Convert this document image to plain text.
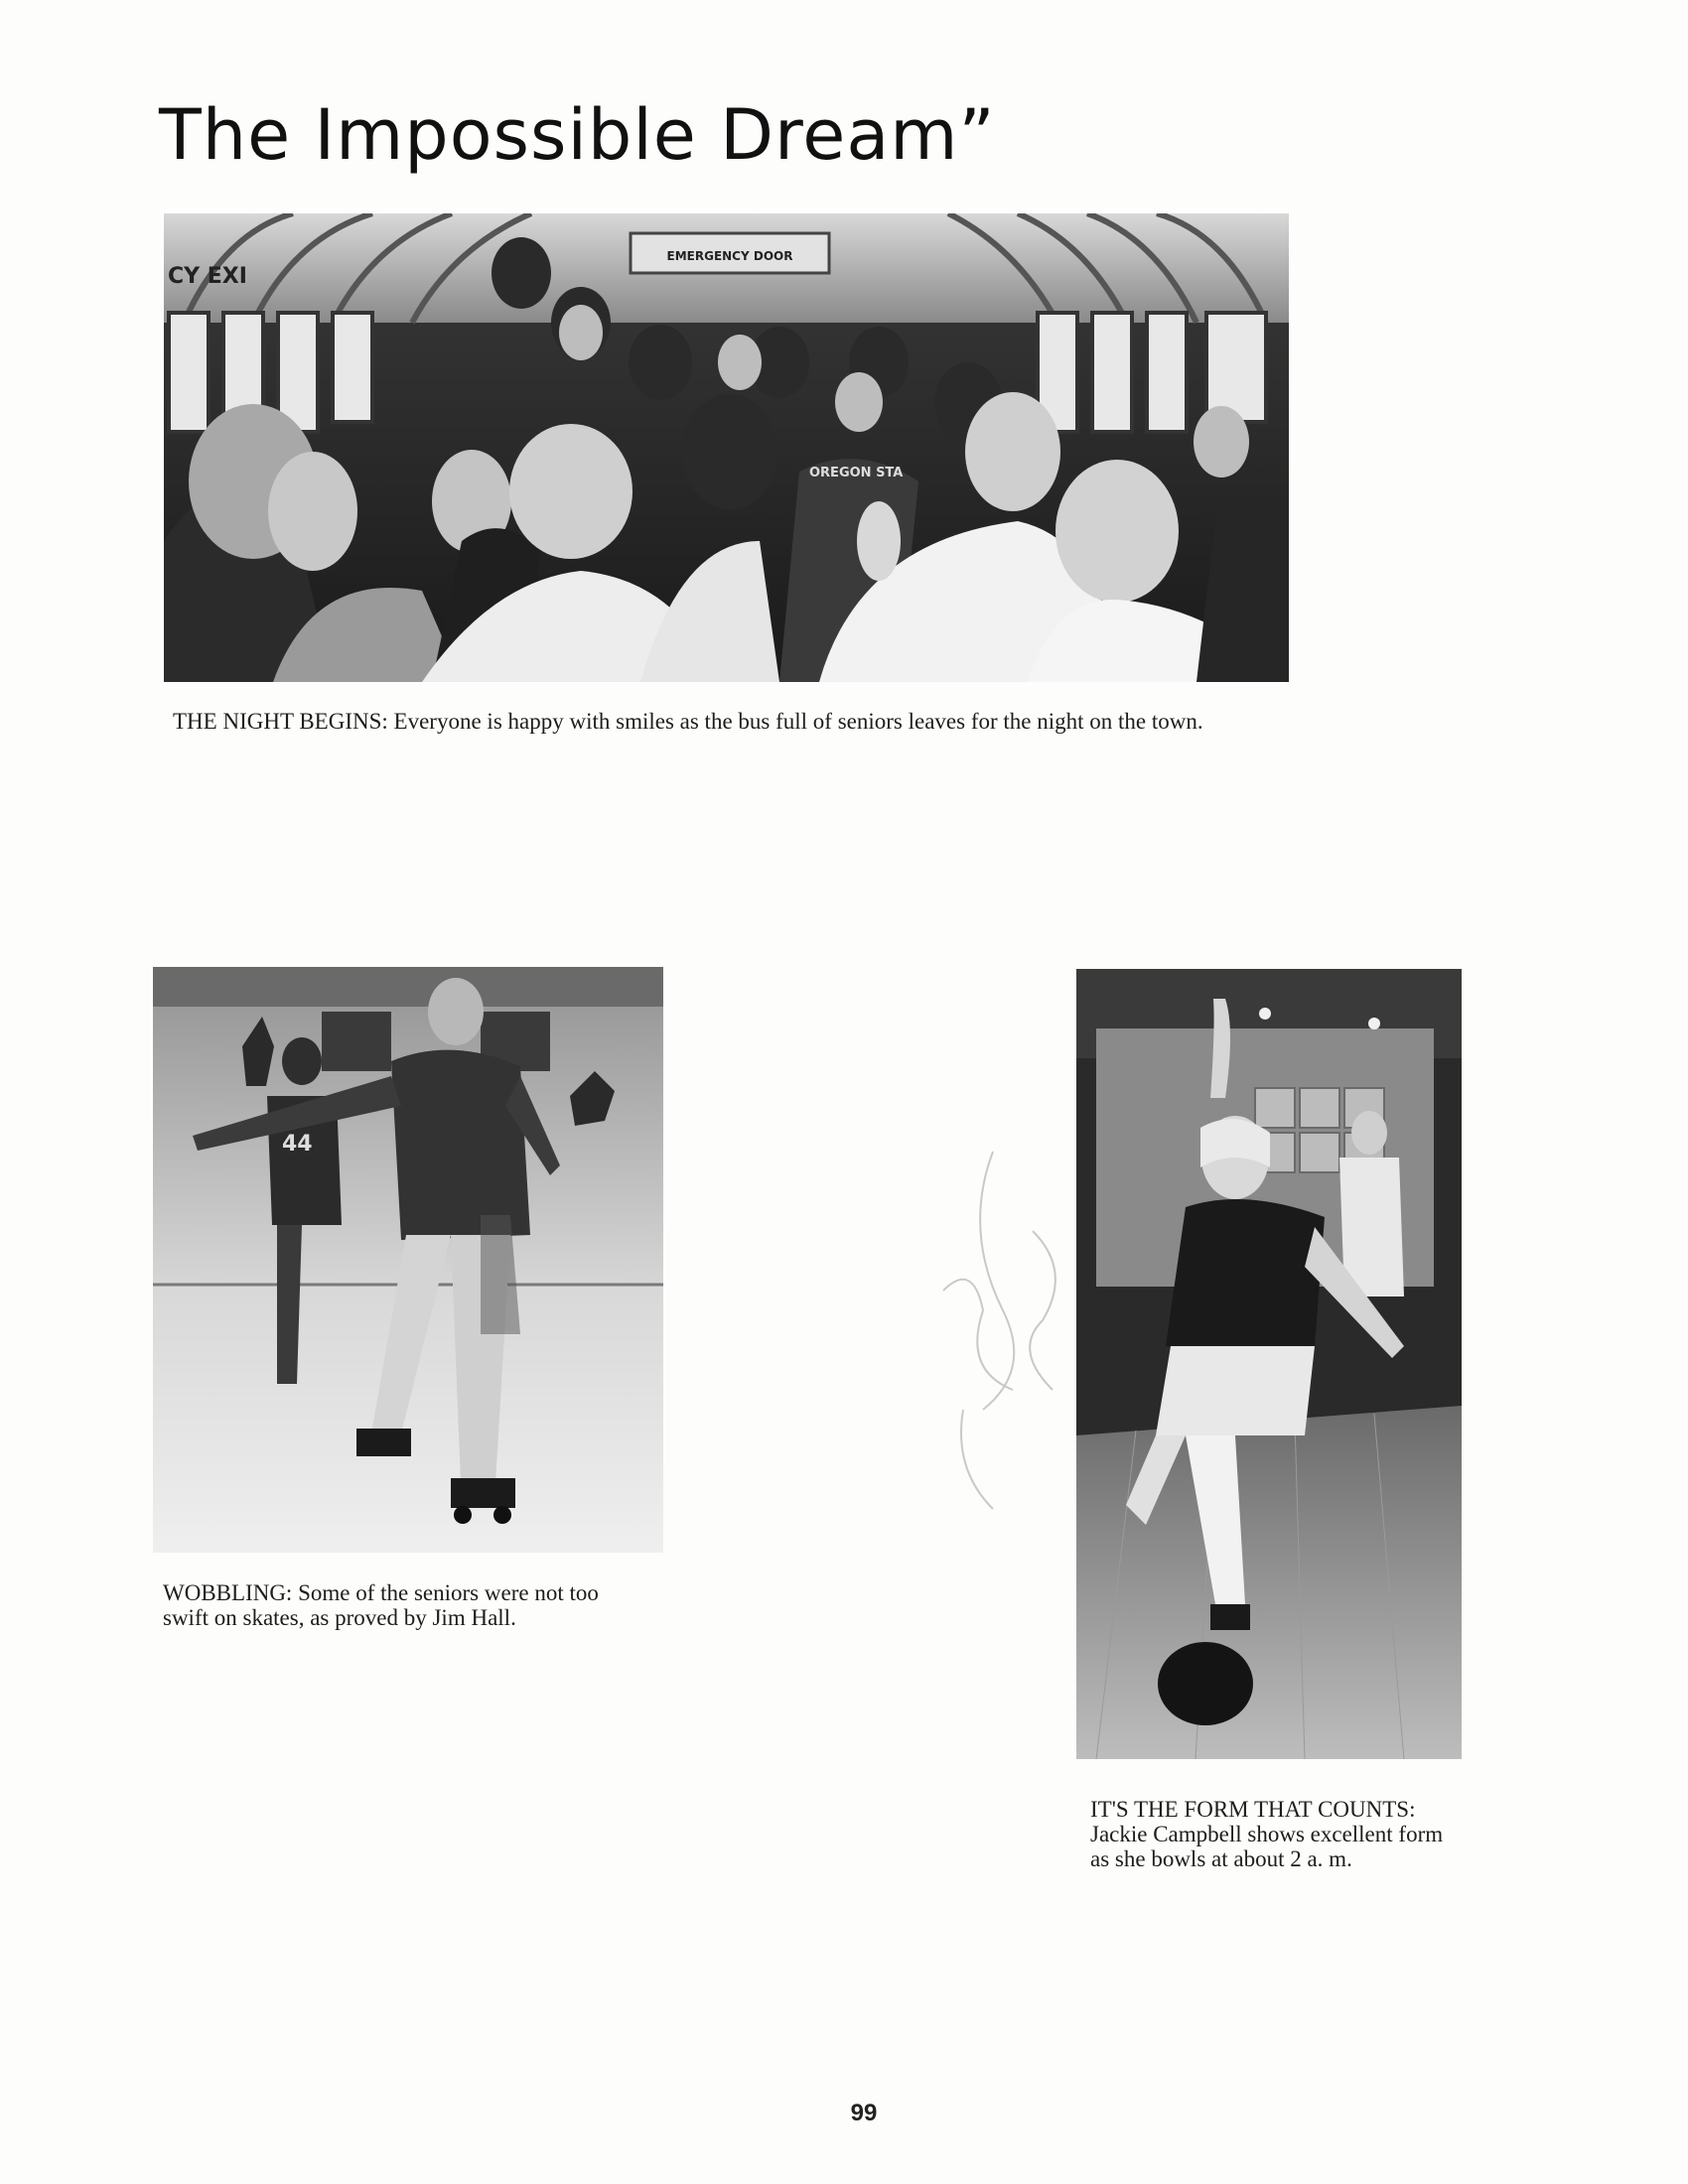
The Impossible Dream”
EMERGENCY DOOR
CY EXI
OREGON STA

THE NIGHT BEGINS: Everyone is happy with smiles as the bus full of seniors leaves for the night on the town.

44

WOBBLING: Some of the seniors were not too swift on skates, as proved by Jim Hall.

IT'S THE FORM THAT COUNTS: Jackie Campbell shows excellent form as she bowls at about 2 a. m.

99
